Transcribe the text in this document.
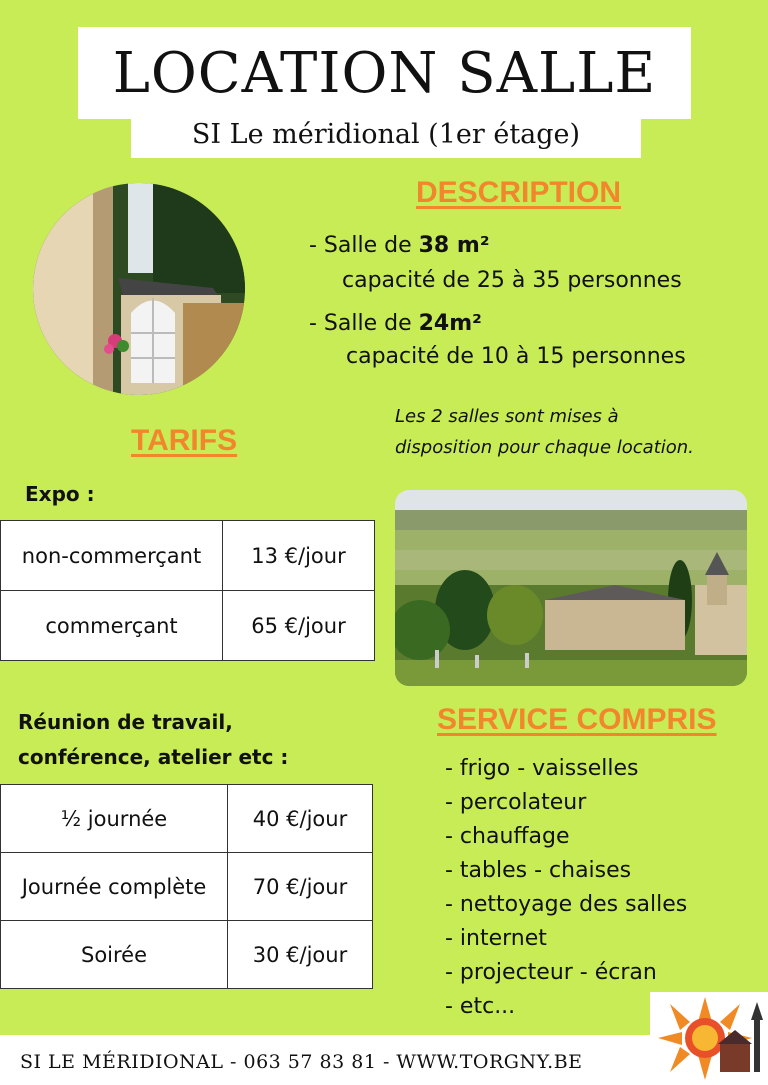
LOCATION SALLE
SI Le méridional (1er étage)
DESCRIPTION
- Salle de 38 m²
capacité de 25 à 35 personnes
- Salle de 24m²
capacité de 10 à 15 personnes
Les 2 salles sont mises à
disposition pour chaque location.
TARIFS
Expo :
non-commerçant	13 €/jour
commerçant	65 €/jour
Réunion de travail,
conférence, atelier etc :
½ journée	40 €/jour
Journée complète	70 €/jour
Soirée	30 €/jour
SERVICE COMPRIS
- frigo - vaisselles
- percolateur
- chauffage
- tables - chaises
- nettoyage des salles
- internet
- projecteur - écran
- etc...
SI LE MÉRIDIONAL - 063 57 83 81 - WWW.TORGNY.BE
